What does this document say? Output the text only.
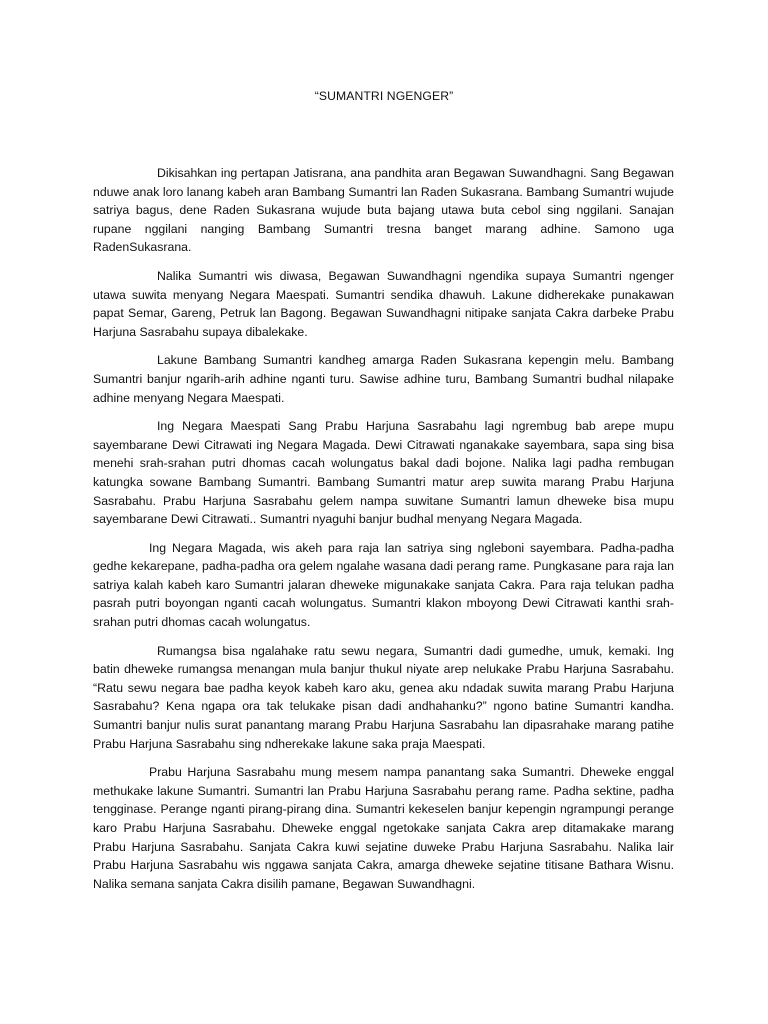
“SUMANTRI NGENGER”

Dikisahkan ing pertapan Jatisrana, ana pandhita aran Begawan Suwandhagni. Sang Begawan nduwe anak loro lanang kabeh aran Bambang Sumantri lan Raden Sukasrana. Bambang Sumantri wujude satriya bagus, dene Raden Sukasrana wujude buta bajang utawa buta cebol sing nggilani. Sanajan rupane nggilani nanging Bambang Sumantri tresna banget marang adhine. Samono uga RadenSukasrana.

Nalika Sumantri wis diwasa, Begawan Suwandhagni ngendika supaya Sumantri ngenger utawa suwita menyang Negara Maespati. Sumantri sendika dhawuh. Lakune didherekake punakawan papat Semar, Gareng, Petruk lan Bagong. Begawan Suwandhagni nitipake sanjata Cakra darbeke Prabu Harjuna Sasrabahu supaya dibalekake.

Lakune Bambang Sumantri kandheg amarga Raden Sukasrana kepengin melu. Bambang Sumantri banjur ngarih-arih adhine nganti turu. Sawise adhine turu, Bambang Sumantri budhal nilapake adhine menyang Negara Maespati.

Ing Negara Maespati Sang Prabu Harjuna Sasrabahu lagi ngrembug bab arepe mupu sayembarane Dewi Citrawati ing Negara Magada. Dewi Citrawati nganakake sayembara, sapa sing bisa menehi srah-srahan putri dhomas cacah wolungatus bakal dadi bojone. Nalika lagi padha rembugan katungka sowane Bambang Sumantri. Bambang Sumantri matur arep suwita marang Prabu Harjuna Sasrabahu. Prabu Harjuna Sasrabahu gelem nampa suwitane Sumantri lamun dheweke bisa mupu sayembarane Dewi Citrawati.. Sumantri nyaguhi banjur budhal menyang Negara Magada.

Ing Negara Magada, wis akeh para raja lan satriya sing ngleboni sayembara. Padha-padha gedhe kekarepane, padha-padha ora gelem ngalahe wasana dadi perang rame. Pungkasane para raja lan satriya kalah kabeh karo Sumantri jalaran dheweke migunakake sanjata Cakra. Para raja telukan padha pasrah putri boyongan nganti cacah wolungatus. Sumantri klakon mboyong Dewi Citrawati kanthi srah-srahan putri dhomas cacah wolungatus.

Rumangsa bisa ngalahake ratu sewu negara, Sumantri dadi gumedhe, umuk, kemaki. Ing batin dheweke rumangsa menangan mula banjur thukul niyate arep nelukake Prabu Harjuna Sasrabahu. “Ratu sewu negara bae padha keyok kabeh karo aku, genea aku ndadak suwita marang Prabu Harjuna Sasrabahu? Kena ngapa ora tak telukake pisan dadi andhahanku?” ngono batine Sumantri kandha. Sumantri banjur nulis surat panantang marang Prabu Harjuna Sasrabahu lan dipasrahake marang patihe Prabu Harjuna Sasrabahu sing ndherekake lakune saka praja Maespati.

Prabu Harjuna Sasrabahu mung mesem nampa panantang saka Sumantri. Dheweke enggal methukake lakune Sumantri. Sumantri lan Prabu Harjuna Sasrabahu perang rame. Padha sektine, padha tengginase. Perange nganti pirang-pirang dina. Sumantri kekeselen banjur kepengin ngrampungi perange karo Prabu Harjuna Sasrabahu. Dheweke enggal ngetokake sanjata Cakra arep ditamakake marang Prabu Harjuna Sasrabahu. Sanjata Cakra kuwi sejatine duweke Prabu Harjuna Sasrabahu. Nalika lair Prabu Harjuna Sasrabahu wis nggawa sanjata Cakra, amarga dheweke sejatine titisane Bathara Wisnu. Nalika semana sanjata Cakra disilih pamane, Begawan Suwandhagni.
